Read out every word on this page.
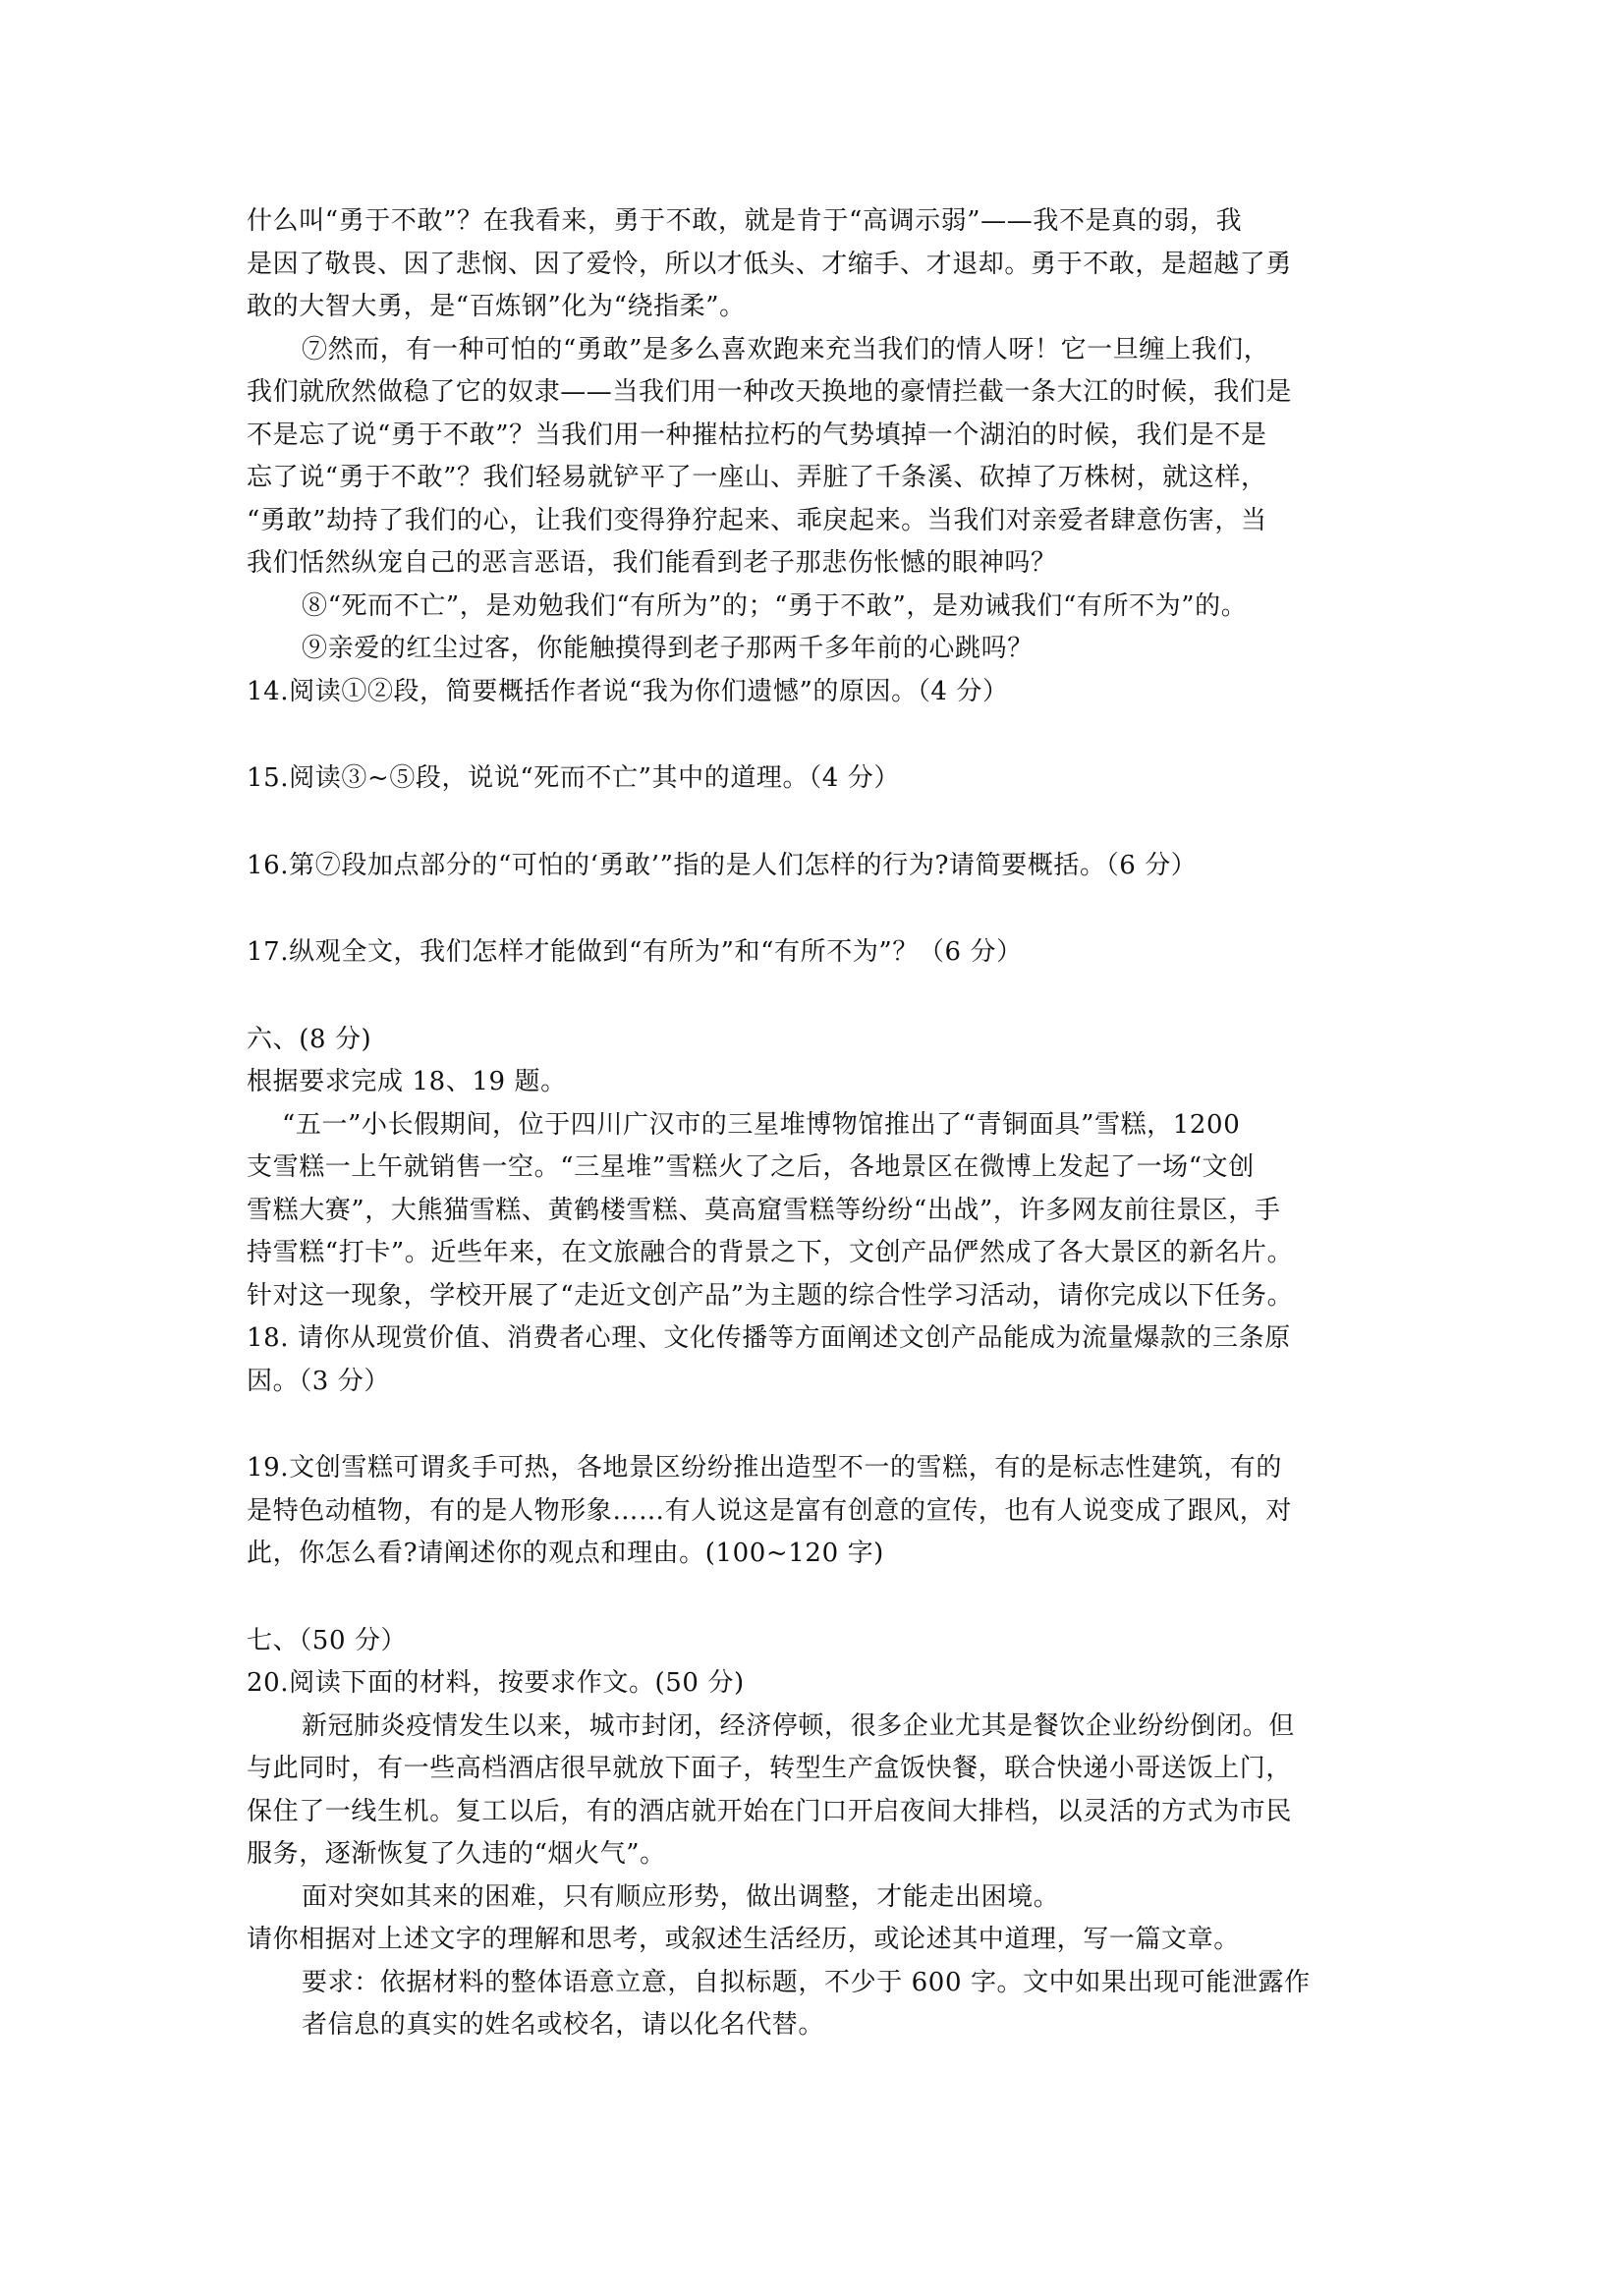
什么叫“勇于不敢”？在我看来，勇于不敢，就是肯于“高调示弱”——我不是真的弱，我
是因了敬畏、因了悲悯、因了爱怜，所以才低头、才缩手、才退却。勇于不敢，是超越了勇
敢的大智大勇，是“百炼钢”化为“绕指柔”。
⑦然而，有一种可怕的“勇敢”是多么喜欢跑来充当我们的情人呀！它一旦缠上我们，
我们就欣然做稳了它的奴隶——当我们用一种改天换地的豪情拦截一条大江的时候，我们是
不是忘了说“勇于不敢”？当我们用一种摧枯拉朽的气势填掉一个湖泊的时候，我们是不是
忘了说“勇于不敢”？我们轻易就铲平了一座山、弄脏了千条溪、砍掉了万株树，就这样，
“勇敢”劫持了我们的心，让我们变得狰狞起来、乖戾起来。当我们对亲爱者肆意伤害，当
我们恬然纵宠自己的恶言恶语，我们能看到老子那悲伤怅憾的眼神吗？
⑧“死而不亡”，是劝勉我们“有所为”的；“勇于不敢”，是劝诫我们“有所不为”的。
⑨亲爱的红尘过客，你能触摸得到老子那两千多年前的心跳吗？
14.阅读①②段，简要概括作者说“我为你们遗憾”的原因。（4 分）
15.阅读③~⑤段，说说“死而不亡”其中的道理。（4 分）
16.第⑦段加点部分的“可怕的‘勇敢’”指的是人们怎样的行为?请简要概括。（6 分）
17.纵观全文，我们怎样才能做到“有所为”和“有所不为”？（6 分）
六、(8 分)
根据要求完成 18、19 题。
“五一”小长假期间，位于四川广汉市的三星堆博物馆推出了“青铜面具”雪糕，1200
支雪糕一上午就销售一空。“三星堆”雪糕火了之后，各地景区在微博上发起了一场“文创
雪糕大赛”，大熊猫雪糕、黄鹤楼雪糕、莫高窟雪糕等纷纷“出战”，许多网友前往景区，手
持雪糕“打卡”。近些年来，在文旅融合的背景之下，文创产品俨然成了各大景区的新名片。
针对这一现象，学校开展了“走近文创产品”为主题的综合性学习活动，请你完成以下任务。
18. 请你从现赏价值、消费者心理、文化传播等方面阐述文创产品能成为流量爆款的三条原
因。（3 分）
19.文创雪糕可谓炙手可热，各地景区纷纷推出造型不一的雪糕，有的是标志性建筑，有的
是特色动植物，有的是人物形象……有人说这是富有创意的宣传，也有人说变成了跟风，对
此，你怎么看?请阐述你的观点和理由。(100~120 字)
七、（50 分）
20.阅读下面的材料，按要求作文。(50 分)
新冠肺炎疫情发生以来，城市封闭，经济停顿，很多企业尤其是餐饮企业纷纷倒闭。但
与此同时，有一些高档酒店很早就放下面子，转型生产盒饭快餐，联合快递小哥送饭上门，
保住了一线生机。复工以后，有的酒店就开始在门口开启夜间大排档，以灵活的方式为市民
服务，逐渐恢复了久违的“烟火气”。
面对突如其来的困难，只有顺应形势，做出调整，才能走出困境。
请你相据对上述文字的理解和思考，或叙述生活经历，或论述其中道理，写一篇文章。
要求：依据材料的整体语意立意，自拟标题，不少于 600 字。文中如果出现可能泄露作
者信息的真实的姓名或校名，请以化名代替。
